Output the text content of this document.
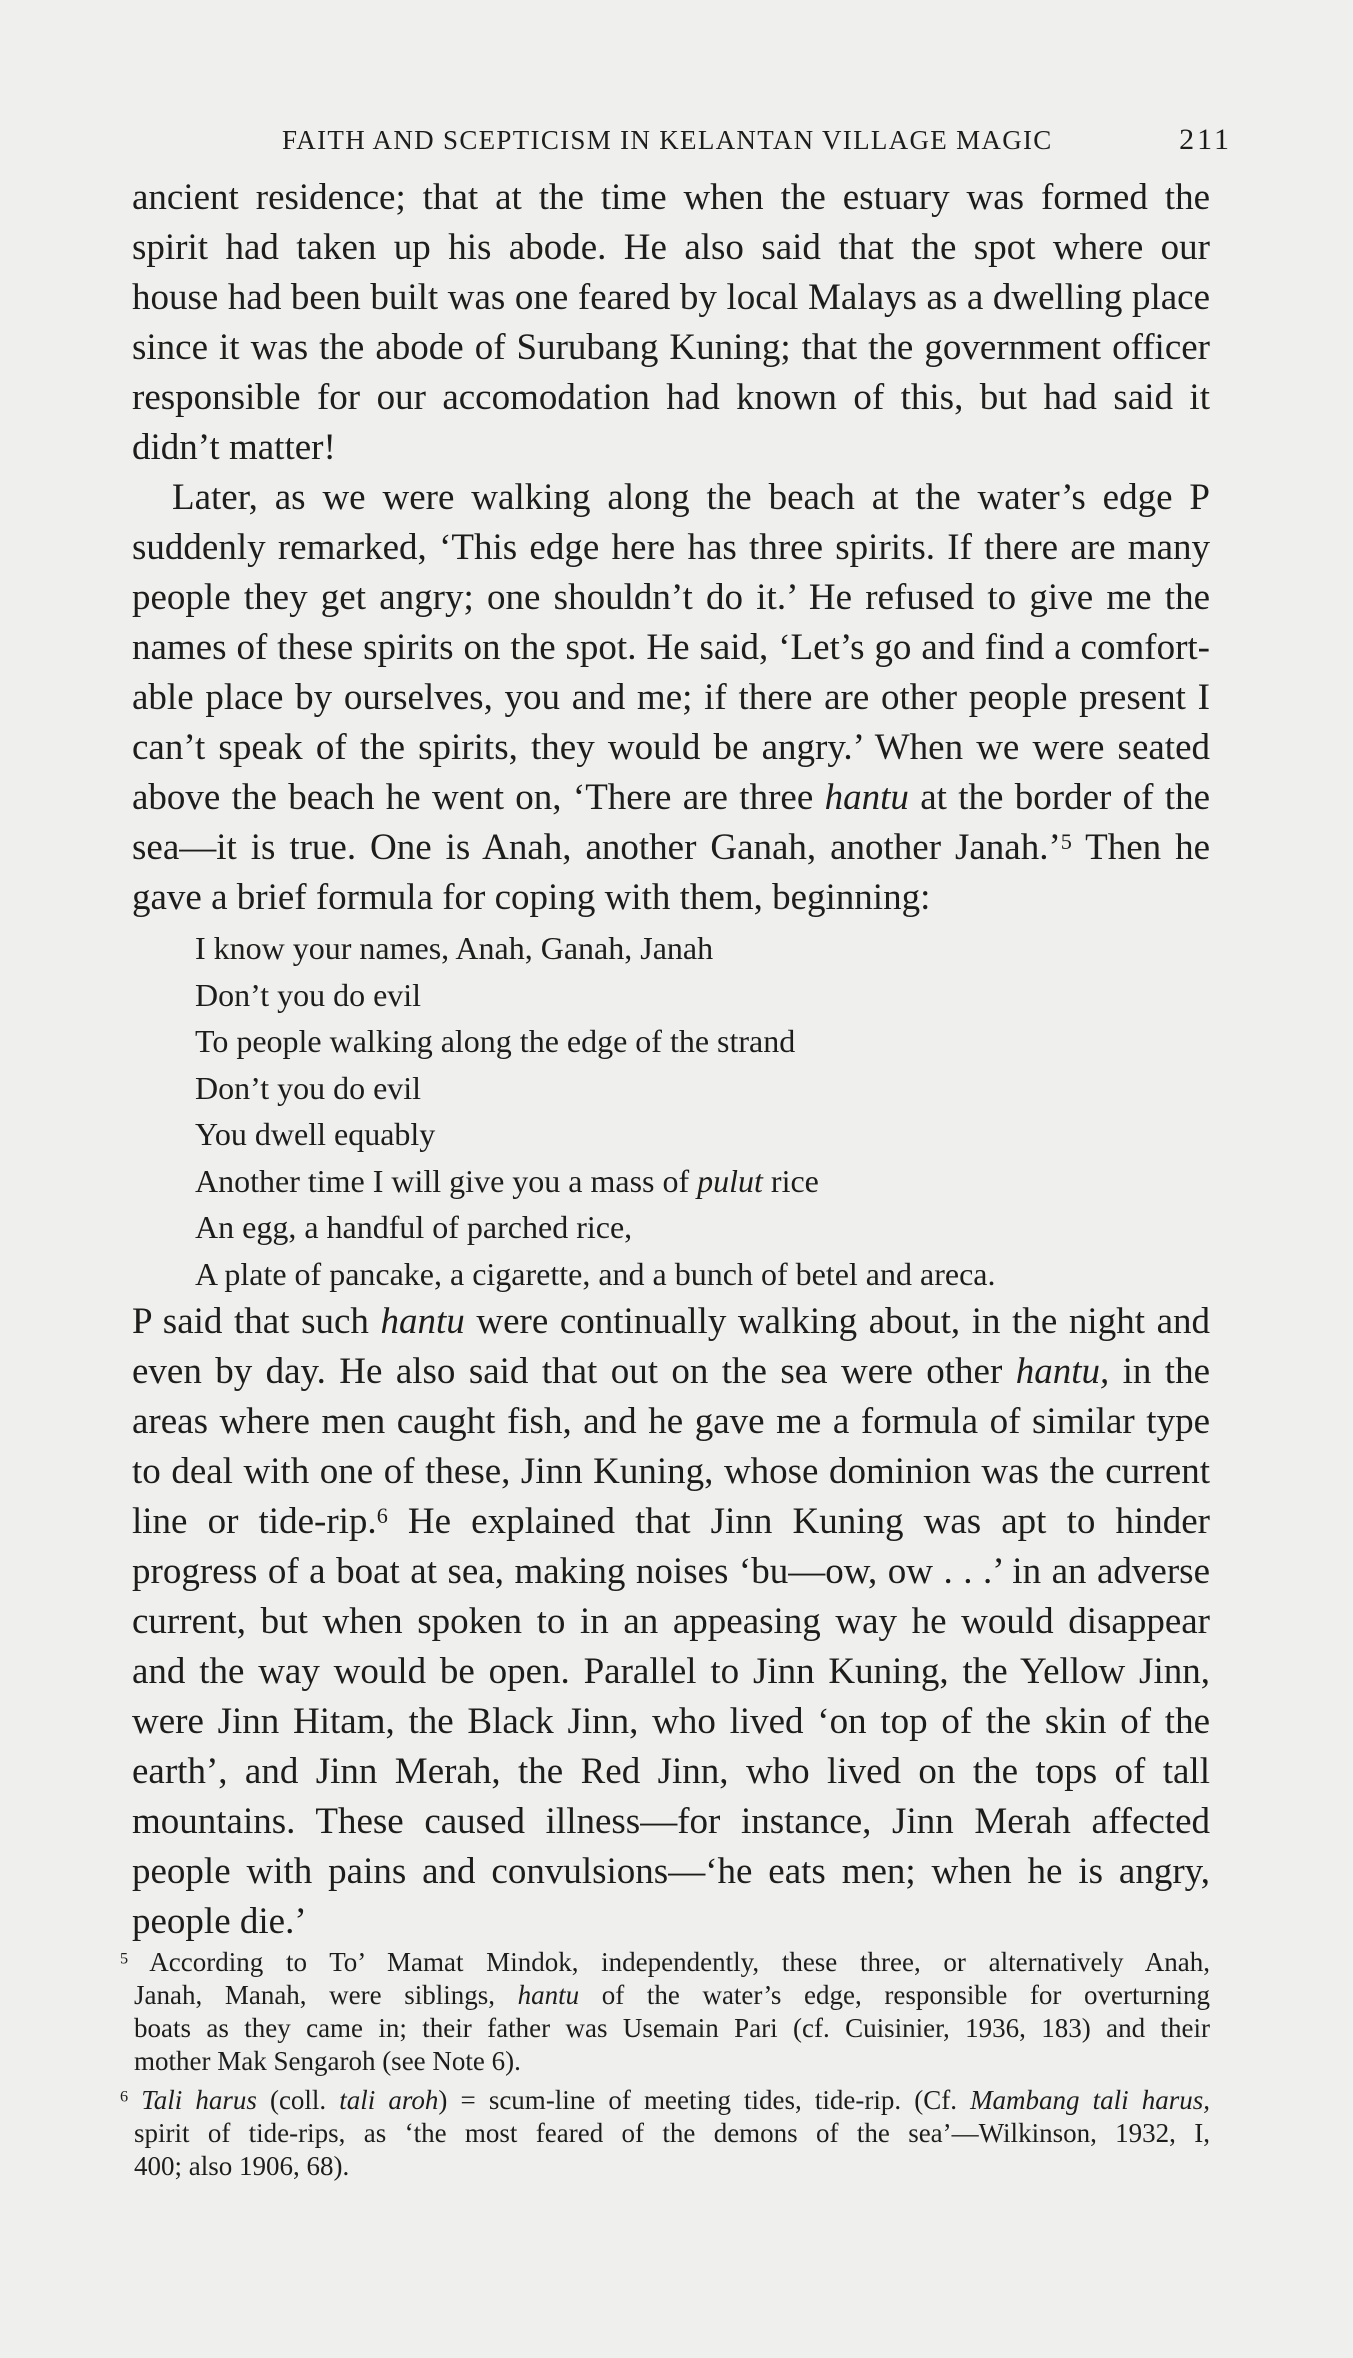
FAITH AND SCEPTICISM IN KELANTAN VILLAGE MAGIC	211
ancient residence; that at the time when the estuary was formed the
spirit had taken up his abode. He also said that the spot where our
house had been built was one feared by local Malays as a dwelling place
since it was the abode of Surubang Kuning; that the government officer
responsible for our accomodation had known of this, but had said it
didn’t matter!
Later, as we were walking along the beach at the water’s edge P
suddenly remarked, ‘This edge here has three spirits. If there are many
people they get angry; one shouldn’t do it.’ He refused to give me the
names of these spirits on the spot. He said, ‘Let’s go and find a comfort-
able place by ourselves, you and me; if there are other people present I
can’t speak of the spirits, they would be angry.’ When we were seated
above the beach he went on, ‘There are three hantu at the border of the
sea—it is true. One is Anah, another Ganah, another Janah.’$^5$ Then he
gave a brief formula for coping with them, beginning:
I know your names, Anah, Ganah, Janah
Don’t you do evil
To people walking along the edge of the strand
Don’t you do evil
You dwell equably
Another time I will give you a mass of pulut rice
An egg, a handful of parched rice,
A plate of pancake, a cigarette, and a bunch of betel and areca.
P said that such hantu were continually walking about, in the night and
even by day. He also said that out on the sea were other hantu, in the
areas where men caught fish, and he gave me a formula of similar type
to deal with one of these, Jinn Kuning, whose dominion was the current
line or tide-rip.$^6$ He explained that Jinn Kuning was apt to hinder
progress of a boat at sea, making noises ‘bu—ow, ow . . .’ in an adverse
current, but when spoken to in an appeasing way he would disappear
and the way would be open. Parallel to Jinn Kuning, the Yellow Jinn,
were Jinn Hitam, the Black Jinn, who lived ‘on top of the skin of the
earth’, and Jinn Merah, the Red Jinn, who lived on the tops of tall
mountains. These caused illness—for instance, Jinn Merah affected
people with pains and convulsions—‘he eats men; when he is angry,
people die.’
$^5$ According to To’ Mamat Mindok, independently, these three, or alternatively Anah,
Janah, Manah, were siblings, hantu of the water’s edge, responsible for overturning
boats as they came in; their father was Usemain Pari (cf. Cuisinier, 1936, 183) and their
mother Mak Sengaroh (see Note 6).
$^6$ Tali harus (coll. tali aroh) = scum-line of meeting tides, tide-rip. (Cf. Mambang tali harus,
spirit of tide-rips, as ‘the most feared of the demons of the sea’—Wilkinson, 1932, I,
400; also 1906, 68).
